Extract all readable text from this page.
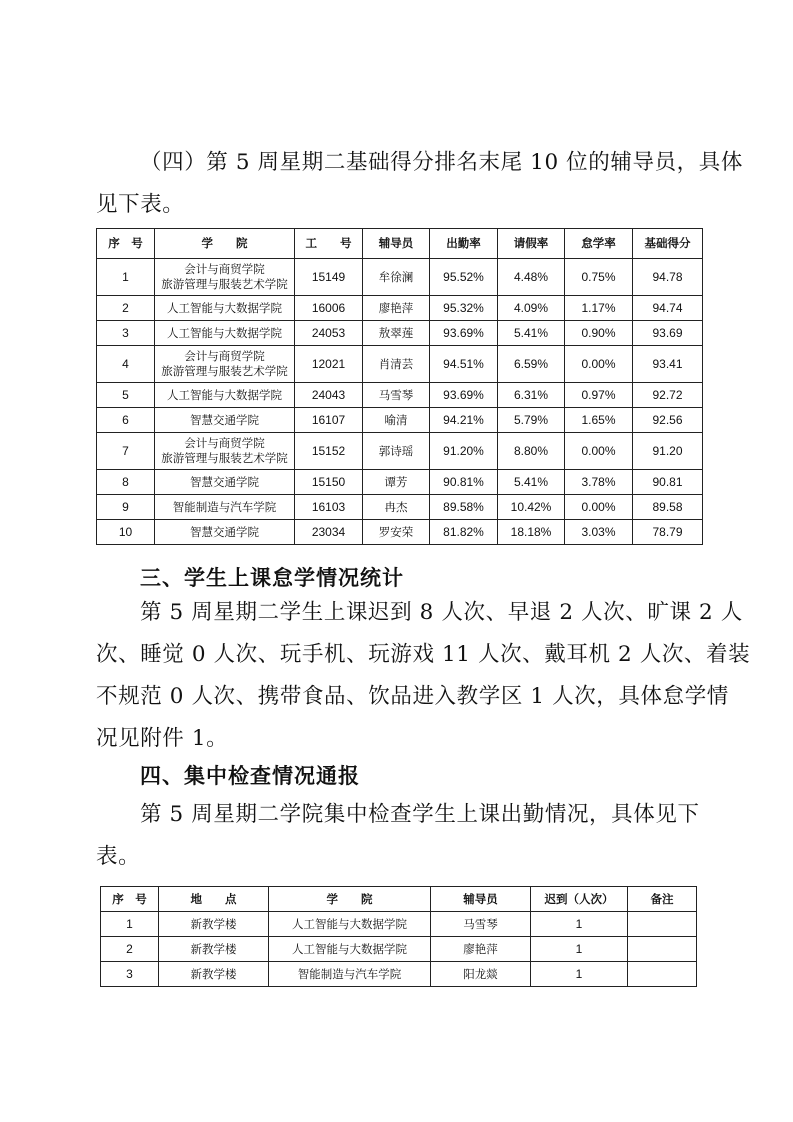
（四）第 5 周星期二基础得分排名末尾 10 位的辅导员，具体
见下表。

序　号	学　　院	工　　号	辅导员	出勤率	请假率	怠学率	基础得分
1	会计与商贸学院
旅游管理与服装艺术学院	15149	牟徐澜	95.52%	4.48%	0.75%	94.78
2	人工智能与大数据学院	16006	廖艳萍	95.32%	4.09%	1.17%	94.74
3	人工智能与大数据学院	24053	敖翠莲	93.69%	5.41%	0.90%	93.69
4	会计与商贸学院
旅游管理与服装艺术学院	12021	肖清芸	94.51%	6.59%	0.00%	93.41
5	人工智能与大数据学院	24043	马雪琴	93.69%	6.31%	0.97%	92.72
6	智慧交通学院	16107	喻清	94.21%	5.79%	1.65%	92.56
7	会计与商贸学院
旅游管理与服装艺术学院	15152	郭诗瑶	91.20%	8.80%	0.00%	91.20
8	智慧交通学院	15150	谭芳	90.81%	5.41%	3.78%	90.81
9	智能制造与汽车学院	16103	冉杰	89.58%	10.42%	0.00%	89.58
10	智慧交通学院	23034	罗安荣	81.82%	18.18%	3.03%	78.79
三、学生上课怠学情况统计

第 5 周星期二学生上课迟到 8 人次、早退 2 人次、旷课 2 人
次、睡觉 0 人次、玩手机、玩游戏 11 人次、戴耳机 2 人次、着装
不规范 0 人次、携带食品、饮品进入教学区 1 人次，具体怠学情
况见附件 1。

四、集中检查情况通报

第 5 周星期二学院集中检查学生上课出勤情况，具体见下
表。

序　号	地　　点	学　　院	辅导员	迟到（人次）	备注
1	新教学楼	人工智能与大数据学院	马雪琴	1	
2	新教学楼	人工智能与大数据学院	廖艳萍	1	
3	新教学楼	智能制造与汽车学院	阳龙燚	1	
